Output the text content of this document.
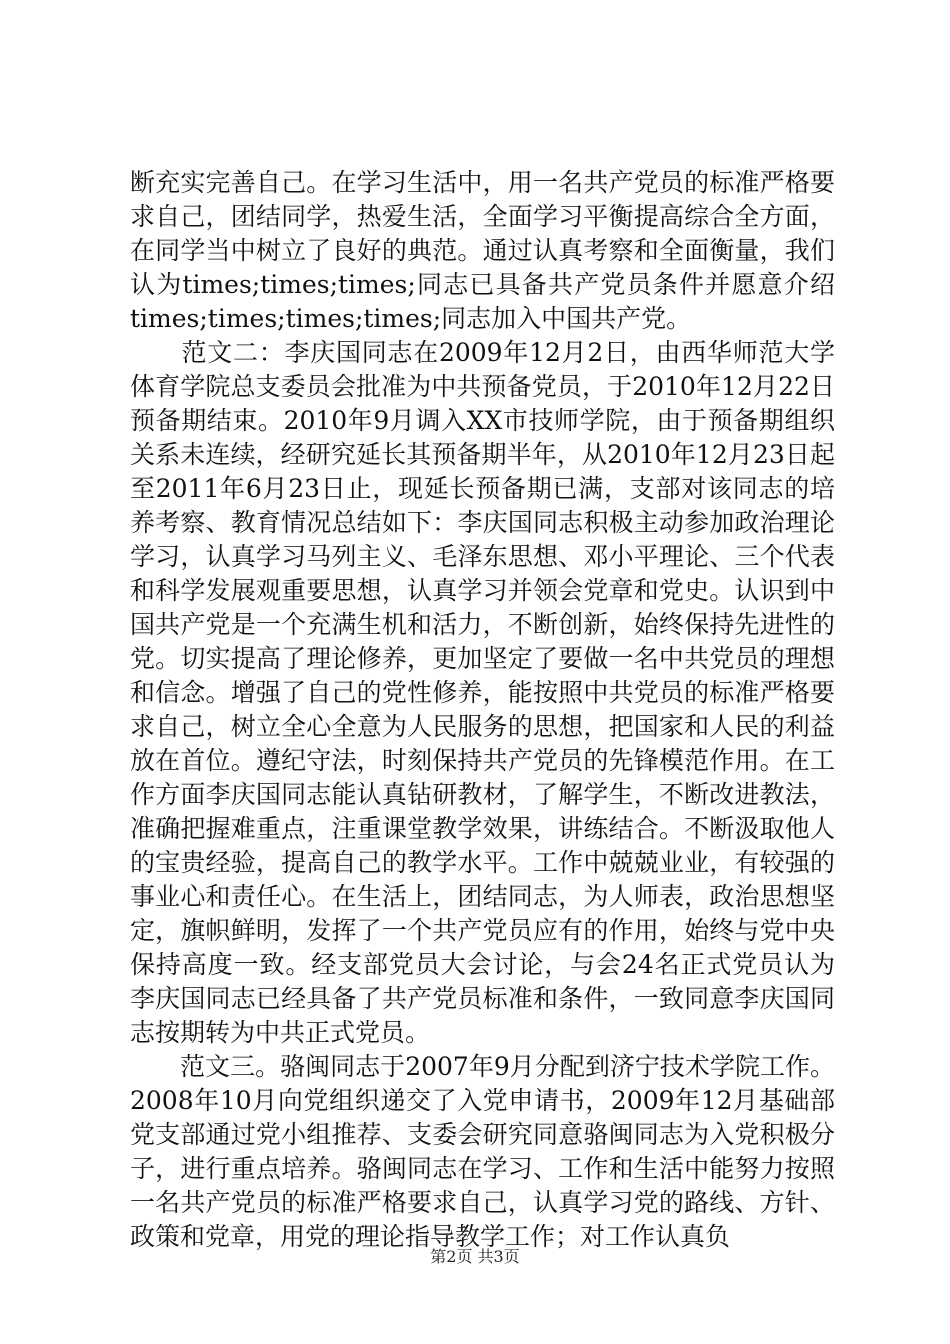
断充实完善自己。在学习生活中，用一名共产党员的标准严格要求自己，团结同学，热爱生活，全面学习平衡提高综合全方面，在同学当中树立了良好的典范。通过认真考察和全面衡量，我们认为times;times;times;同志已具备共产党员条件并愿意介绍times;times;times;times;同志加入中国共产党。

　　范文二：李庆国同志在2009年12月2日，由西华师范大学体育学院总支委员会批准为中共预备党员，于2010年12月22日预备期结束。2010年9月调入XX市技师学院，由于预备期组织关系未连续，经研究延长其预备期半年，从2010年12月23日起至2011年6月23日止，现延长预备期已满，支部对该同志的培养考察、教育情况总结如下：李庆国同志积极主动参加政治理论学习，认真学习马列主义、毛泽东思想、邓小平理论、三个代表和科学发展观重要思想，认真学习并领会党章和党史。认识到中国共产党是一个充满生机和活力，不断创新，始终保持先进性的党。切实提高了理论修养，更加坚定了要做一名中共党员的理想和信念。增强了自己的党性修养，能按照中共党员的标准严格要求自己，树立全心全意为人民服务的思想，把国家和人民的利益放在首位。遵纪守法，时刻保持共产党员的先锋模范作用。在工作方面李庆国同志能认真钻研教材，了解学生，不断改进教法，准确把握难重点，注重课堂教学效果，讲练结合。不断汲取他人的宝贵经验，提高自己的教学水平。工作中兢兢业业，有较强的事业心和责任心。在生活上，团结同志，为人师表，政治思想坚定，旗帜鲜明，发挥了一个共产党员应有的作用，始终与党中央保持高度一致。经支部党员大会讨论，与会24名正式党员认为李庆国同志已经具备了共产党员标准和条件，一致同意李庆国同志按期转为中共正式党员。

　　范文三。骆闽同志于2007年9月分配到济宁技术学院工作。2008年10月向党组织递交了入党申请书，2009年12月基础部党支部通过党小组推荐、支委会研究同意骆闽同志为入党积极分子，进行重点培养。骆闽同志在学习、工作和生活中能努力按照一名共产党员的标准严格要求自己，认真学习党的路线、方针、政策和党章，用党的理论指导教学工作；对工作认真负

第2页 共3页
